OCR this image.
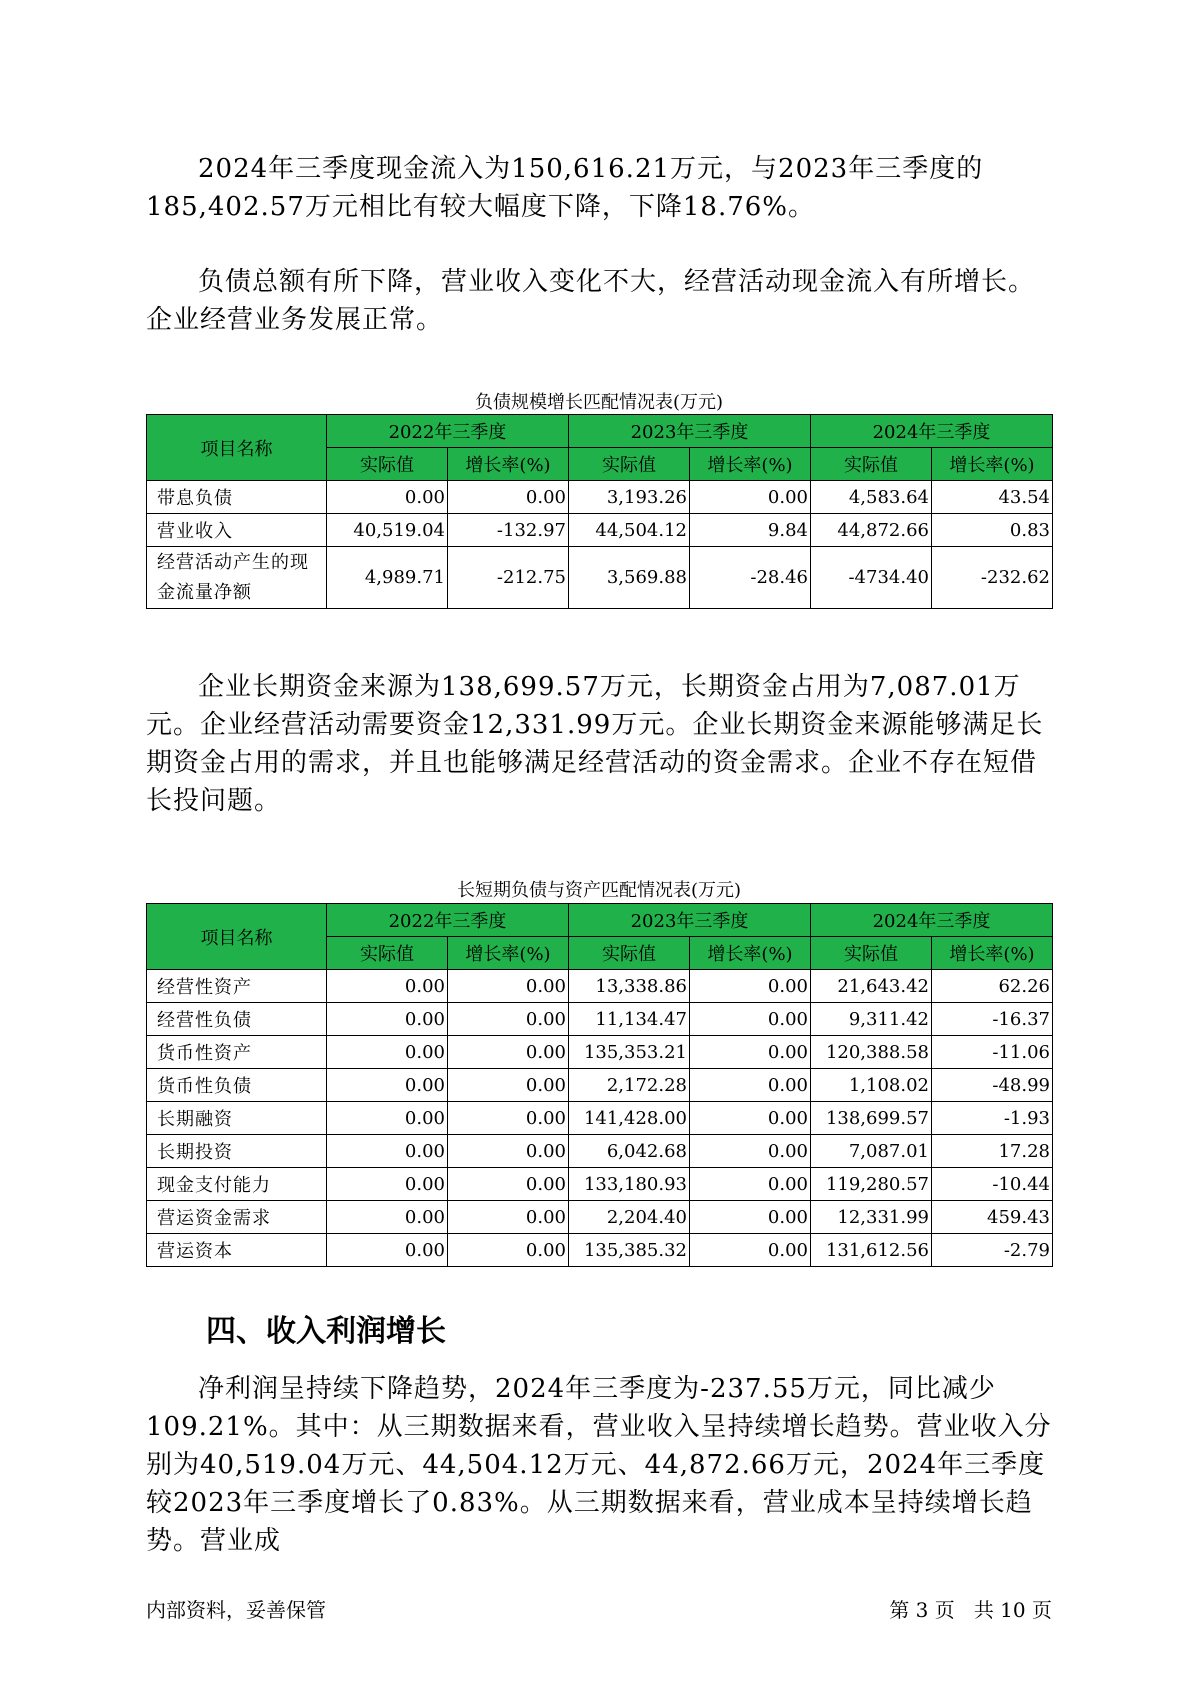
2024年三季度现金流入为150,616.21万元，与2023年三季度的185,402.57万元相比有较大幅度下降，下降18.76%。

负债总额有所下降，营业收入变化不大，经营活动现金流入有所增长。企业经营业务发展正常。

负债规模增长匹配情况表(万元)
项目名称	2022年三季度		2023年三季度		2024年三季度	
	实际值	增长率(%)	实际值	增长率(%)	实际值	增长率(%)
带息负债	0.00	0.00	3,193.26	0.00	4,583.64	43.54
营业收入	40,519.04	-132.97	44,504.12	9.84	44,872.66	0.83
经营活动产生的现金流量净额	4,989.71	-212.75	3,569.88	-28.46	-4734.40	-232.62

企业长期资金来源为138,699.57万元，长期资金占用为7,087.01万元。企业经营活动需要资金12,331.99万元。企业长期资金来源能够满足长期资金占用的需求，并且也能够满足经营活动的资金需求。企业不存在短借长投问题。

长短期负债与资产匹配情况表(万元)
项目名称	2022年三季度		2023年三季度		2024年三季度	
	实际值	增长率(%)	实际值	增长率(%)	实际值	增长率(%)
经营性资产	0.00	0.00	13,338.86	0.00	21,643.42	62.26
经营性负债	0.00	0.00	11,134.47	0.00	9,311.42	-16.37
货币性资产	0.00	0.00	135,353.21	0.00	120,388.58	-11.06
货币性负债	0.00	0.00	2,172.28	0.00	1,108.02	-48.99
长期融资	0.00	0.00	141,428.00	0.00	138,699.57	-1.93
长期投资	0.00	0.00	6,042.68	0.00	7,087.01	17.28
现金支付能力	0.00	0.00	133,180.93	0.00	119,280.57	-10.44
营运资金需求	0.00	0.00	2,204.40	0.00	12,331.99	459.43
营运资本	0.00	0.00	135,385.32	0.00	131,612.56	-2.79
四、收入利润增长

净利润呈持续下降趋势，2024年三季度为-237.55万元，同比减少109.21%。其中：从三期数据来看，营业收入呈持续增长趋势。营业收入分别为40,519.04万元、44,504.12万元、44,872.66万元，2024年三季度较2023年三季度增长了0.83%。从三期数据来看，营业成本呈持续增长趋势。营业成

内部资料，妥善保管	第 3 页   共 10 页
